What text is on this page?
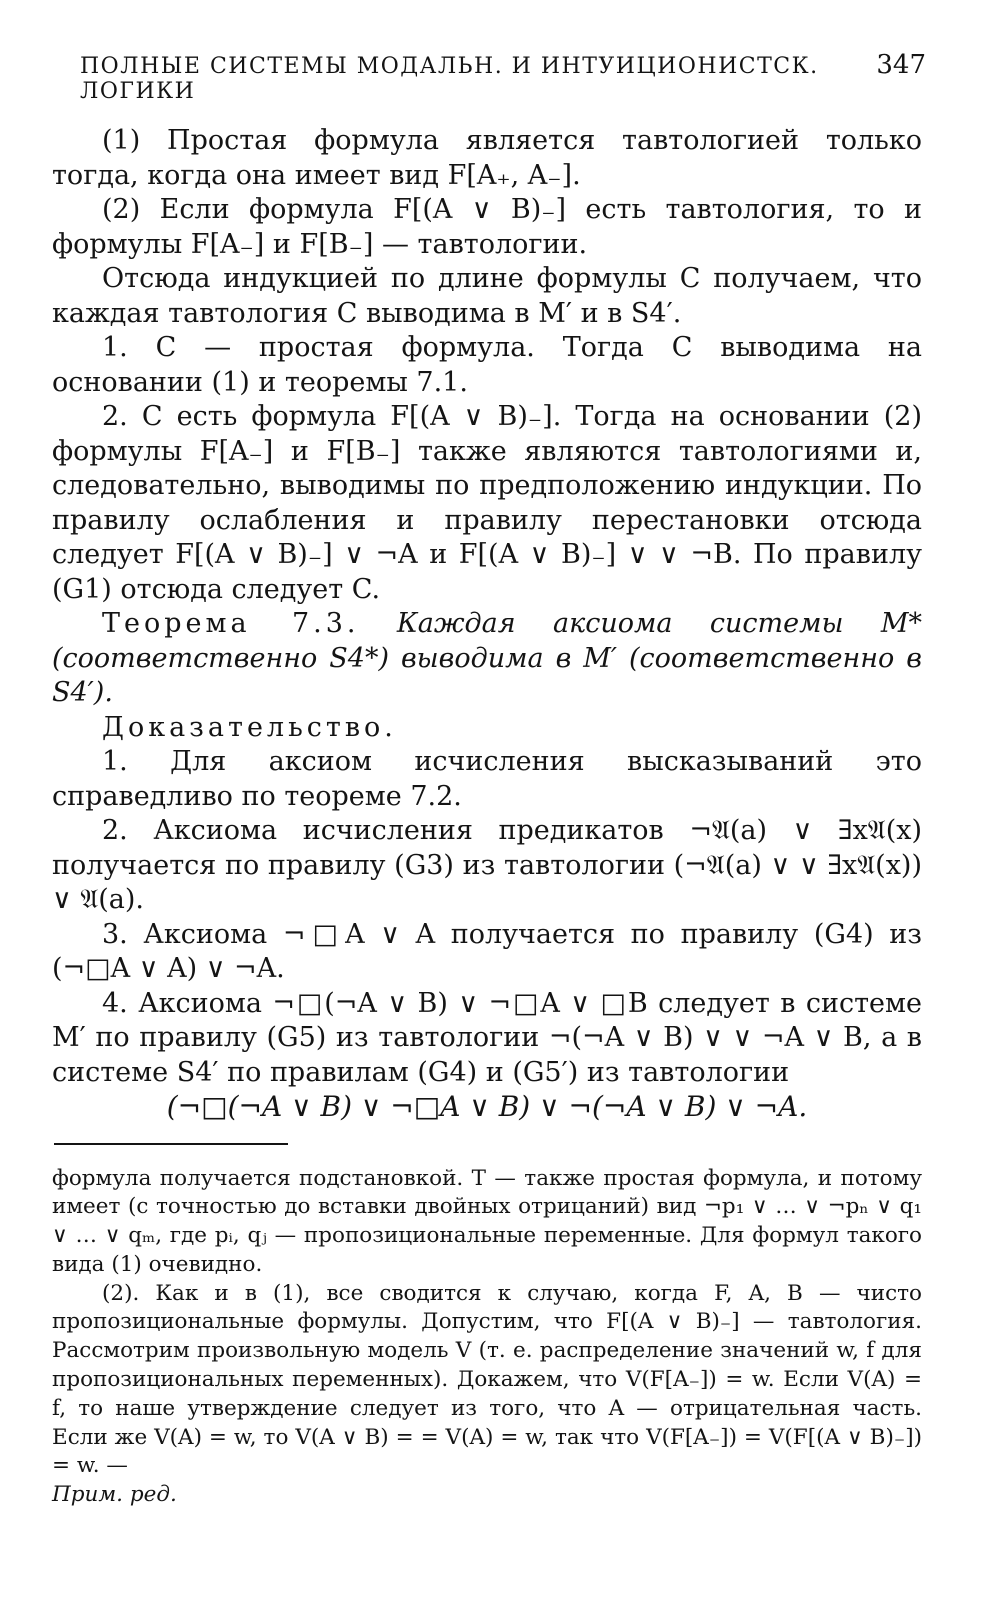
ПОЛНЫЕ СИСТЕМЫ МОДАЛЬН. И ИНТУИЦИОНИСТСК. ЛОГИКИ
347

(1) Простая формула является тавтологией только тогда, когда она имеет вид F[A₊, A₋].

(2) Если формула F[(A ∨ B)₋] есть тавтология, то и формулы F[A₋] и F[B₋] — тавтологии.

Отсюда индукцией по длине формулы C получаем, что каждая тавтология C выводима в M′ и в S4′.

1. C — простая формула. Тогда C выводима на основании (1) и теоремы 7.1.

2. C есть формула F[(A ∨ B)₋]. Тогда на основании (2) формулы F[A₋] и F[B₋] также являются тавтологиями и, следовательно, выводимы по предположению индукции. По правилу ослабления и правилу перестановки отсюда следует F[(A ∨ B)₋] ∨ ¬A и F[(A ∨ B)₋] ∨ ∨ ¬B. По правилу (G1) отсюда следует C.

Теорема 7.3. Каждая аксиома системы M* (соответственно S4*) выводима в M′ (соответственно в S4′).

Доказательство.

1. Для аксиом исчисления высказываний это справедливо по теореме 7.2.

2. Аксиома исчисления предикатов ¬𝔄(a) ∨ ∃x𝔄(x) получается по правилу (G3) из тавтологии (¬𝔄(a) ∨ ∨ ∃x𝔄(x)) ∨ 𝔄(a).

3. Аксиома ¬□A ∨ A получается по правилу (G4) из (¬□A ∨ A) ∨ ¬A.

4. Аксиома ¬□(¬A ∨ B) ∨ ¬□A ∨ □B следует в системе M′ по правилу (G5) из тавтологии ¬(¬A ∨ B) ∨ ∨ ¬A ∨ B, а в системе S4′ по правилам (G4) и (G5′) из тавтологии

(¬□(¬A ∨ B) ∨ ¬□A ∨ B) ∨ ¬(¬A ∨ B) ∨ ¬A.

формула получается подстановкой. T — также простая формула, и потому имеет (с точностью до вставки двойных отрицаний) вид ¬p₁ ∨ … ∨ ¬pₙ ∨ q₁ ∨ … ∨ qₘ, где pᵢ, qⱼ — пропозициональные переменные. Для формул такого вида (1) очевидно.

(2). Как и в (1), все сводится к случаю, когда F, A, B — чисто пропозициональные формулы. Допустим, что F[(A ∨ B)₋] — тавтология. Рассмотрим произвольную модель V (т. е. распределение значений w, f для пропозициональных переменных). Докажем, что V(F[A₋]) = w. Если V(A) = f, то наше утверждение следует из того, что A — отрицательная часть. Если же V(A) = w, то V(A ∨ B) = = V(A) = w, так что V(F[A₋]) = V(F[(A ∨ B)₋]) = w. —
Прим. ред.
